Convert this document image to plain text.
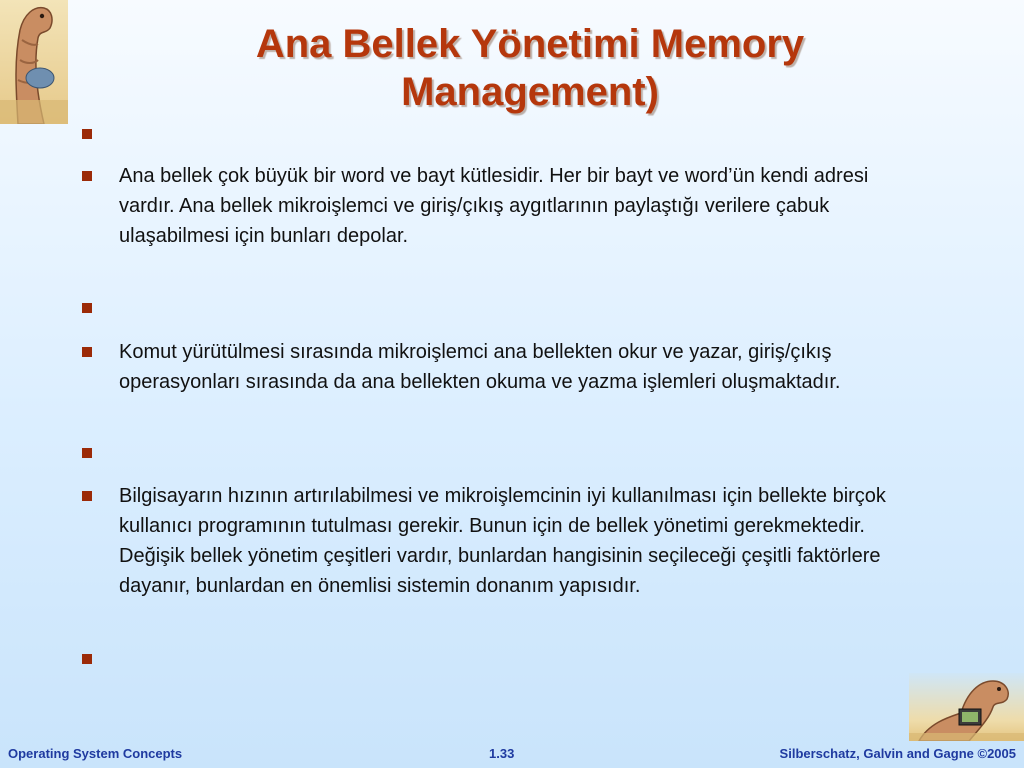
Ana Bellek Yönetimi Memory
Management)
Ana bellek çok büyük bir word ve bayt kütlesidir. Her bir bayt ve word’ün kendi adresi vardır. Ana bellek mikroişlemci ve giriş/çıkış aygıtlarının paylaştığı verilere çabuk ulaşabilmesi için bunları depolar.
Komut yürütülmesi sırasında mikroişlemci ana bellekten okur ve yazar, giriş/çıkış operasyonları sırasında da ana bellekten okuma ve yazma işlemleri oluşmaktadır.
Bilgisayarın hızının artırılabilmesi ve mikroişlemcinin iyi kullanılması için bellekte birçok kullanıcı programının tutulması gerekir. Bunun için de bellek yönetimi gerekmektedir. Değişik bellek yönetim çeşitleri vardır, bunlardan hangisinin seçileceği çeşitli faktörlere dayanır, bunlardan en önemlisi sistemin donanım yapısıdır.
Operating System Concepts	1.33	Silberschatz, Galvin and Gagne ©2005
